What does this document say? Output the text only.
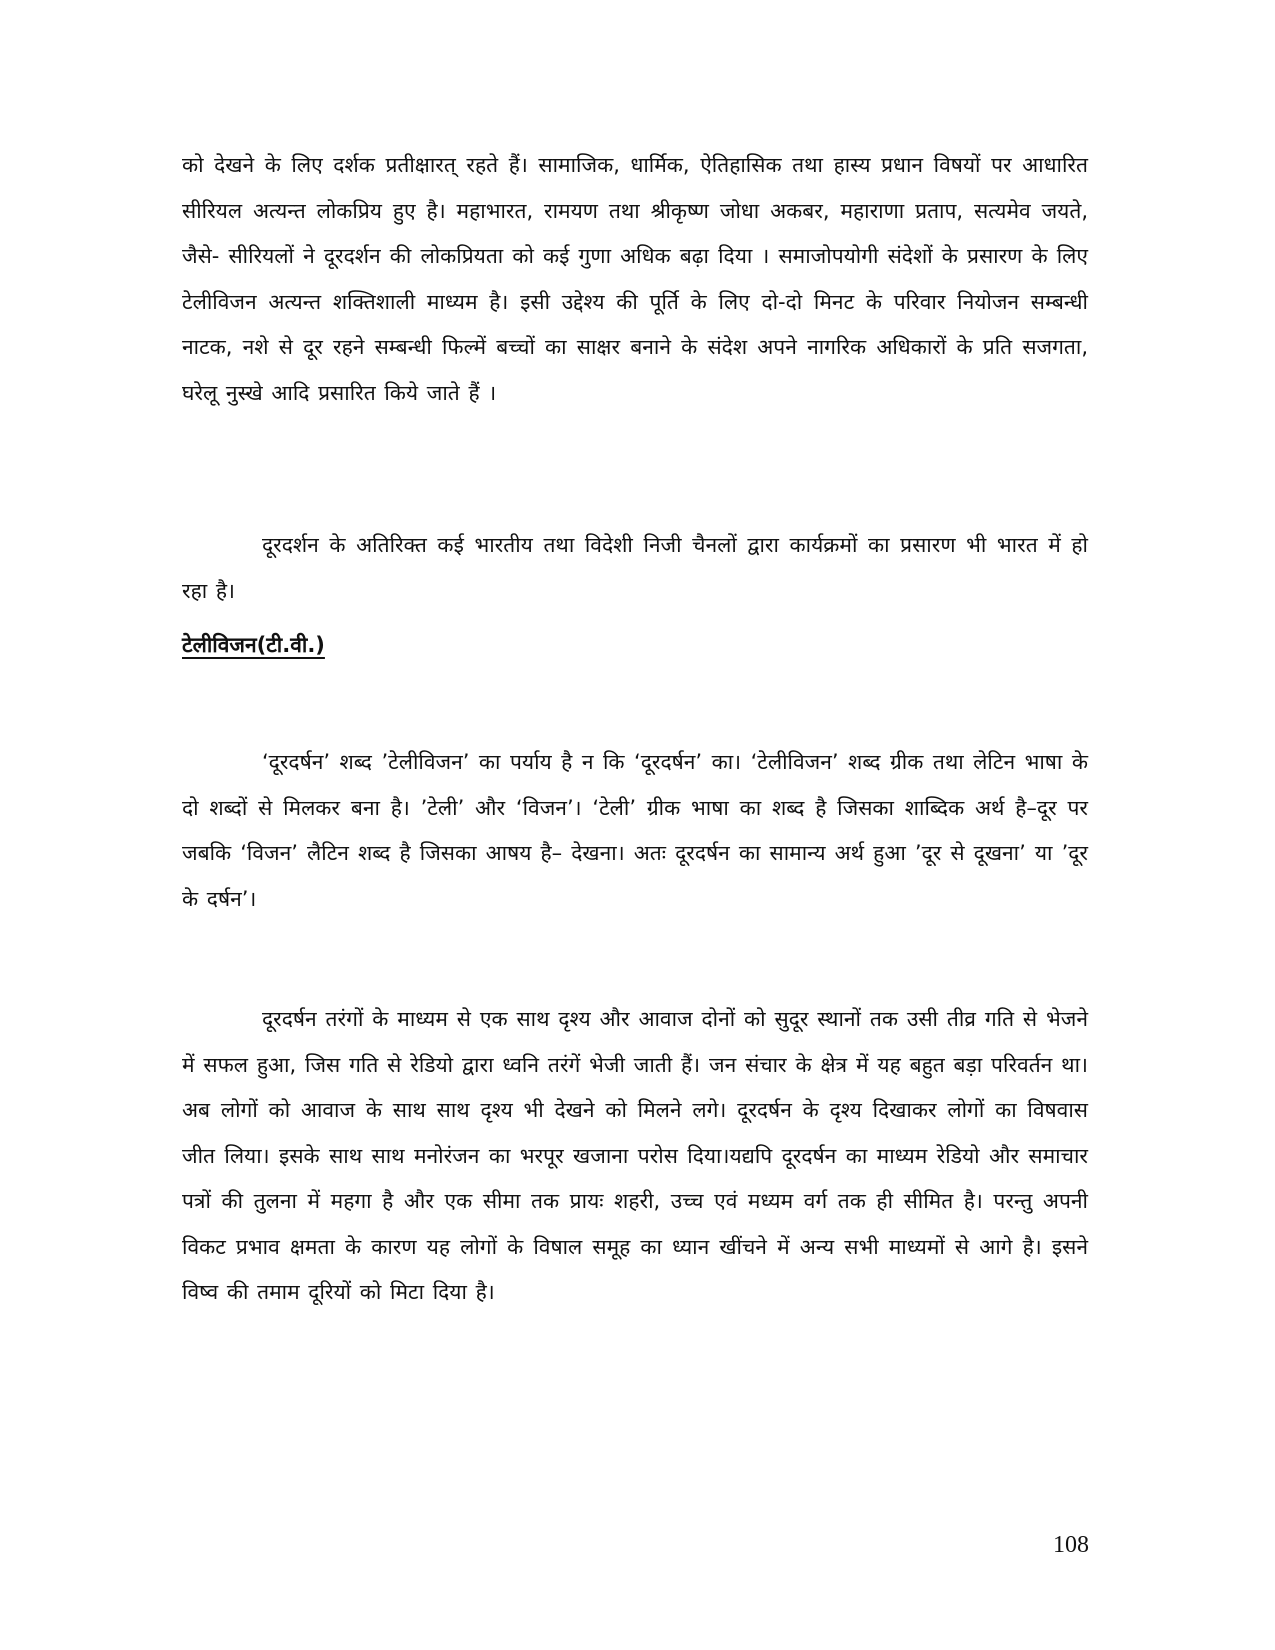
को देखने के लिए दर्शक प्रतीक्षारत् रहते हैं। सामाजिक, धार्मिक, ऐतिहासिक तथा हास्य प्रधान विषयों पर आधारित सीरियल अत्यन्त लोकप्रिय हुए है। महाभारत, रामयण तथा श्रीकृष्ण जोधा अकबर, महाराणा प्रताप, सत्यमेव जयते, जैसे- सीरियलों ने दूरदर्शन की लोकप्रियता को कई गुणा अधिक बढ़ा दिया । समाजोपयोगी संदेशों के प्रसारण के लिए टेलीविजन अत्यन्त शक्तिशाली माध्यम है। इसी उद्देश्य की पूर्ति के लिए दो-दो मिनट के परिवार नियोजन सम्बन्धी नाटक, नशे से दूर रहने सम्बन्धी फिल्में बच्चों का साक्षर बनाने के संदेश अपने नागरिक अधिकारों के प्रति सजगता, घरेलू नुस्खे आदि प्रसारित किये जाते हैं ।

दूरदर्शन के अतिरिक्त कई भारतीय तथा विदेशी निजी चैनलों द्वारा कार्यक्रमों का प्रसारण भी भारत में हो रहा है।

टेलीविजन(टी.वी.)

‘दूरदर्षन’ शब्द ’टेलीविजन’ का पर्याय है न कि ‘दूरदर्षन’ का। ‘टेलीविजन’ शब्द ग्रीक तथा लेटिन भाषा के दो शब्दों से मिलकर बना है। ’टेली’ और ‘विजन’। ‘टेली’ ग्रीक भाषा का शब्द है जिसका शाब्दिक अर्थ है–दूर पर जबकि ‘विजन’ लैटिन शब्द है जिसका आषय है– देखना। अतः दूरदर्षन का सामान्य अर्थ हुआ ’दूर से दूखना’ या ’दूर के दर्षन’।

दूरदर्षन तरंगों के माध्यम से एक साथ दृश्य और आवाज दोनों को सुदूर स्थानों तक उसी तीव्र गति से भेजने में सफल हुआ, जिस गति से रेडियो द्वारा ध्वनि तरंगें भेजी जाती हैं। जन संचार के क्षेत्र में यह बहुत बड़ा परिवर्तन था। अब लोगों को आवाज के साथ साथ दृश्य भी देखने को मिलने लगे। दूरदर्षन के दृश्य दिखाकर लोगों का विषवास जीत लिया। इसके साथ साथ मनोरंजन का भरपूर खजाना परोस दिया।यद्यपि दूरदर्षन का माध्यम रेडियो और समाचार पत्रों की तुलना में महगा है और एक सीमा तक प्रायः शहरी, उच्च एवं मध्यम वर्ग तक ही सीमित है। परन्तु अपनी विकट प्रभाव क्षमता के कारण यह लोगों के विषाल समूह का ध्यान खींचने में अन्य सभी माध्यमों से आगे है। इसने विष्व की तमाम दूरियों को मिटा दिया है।

108
